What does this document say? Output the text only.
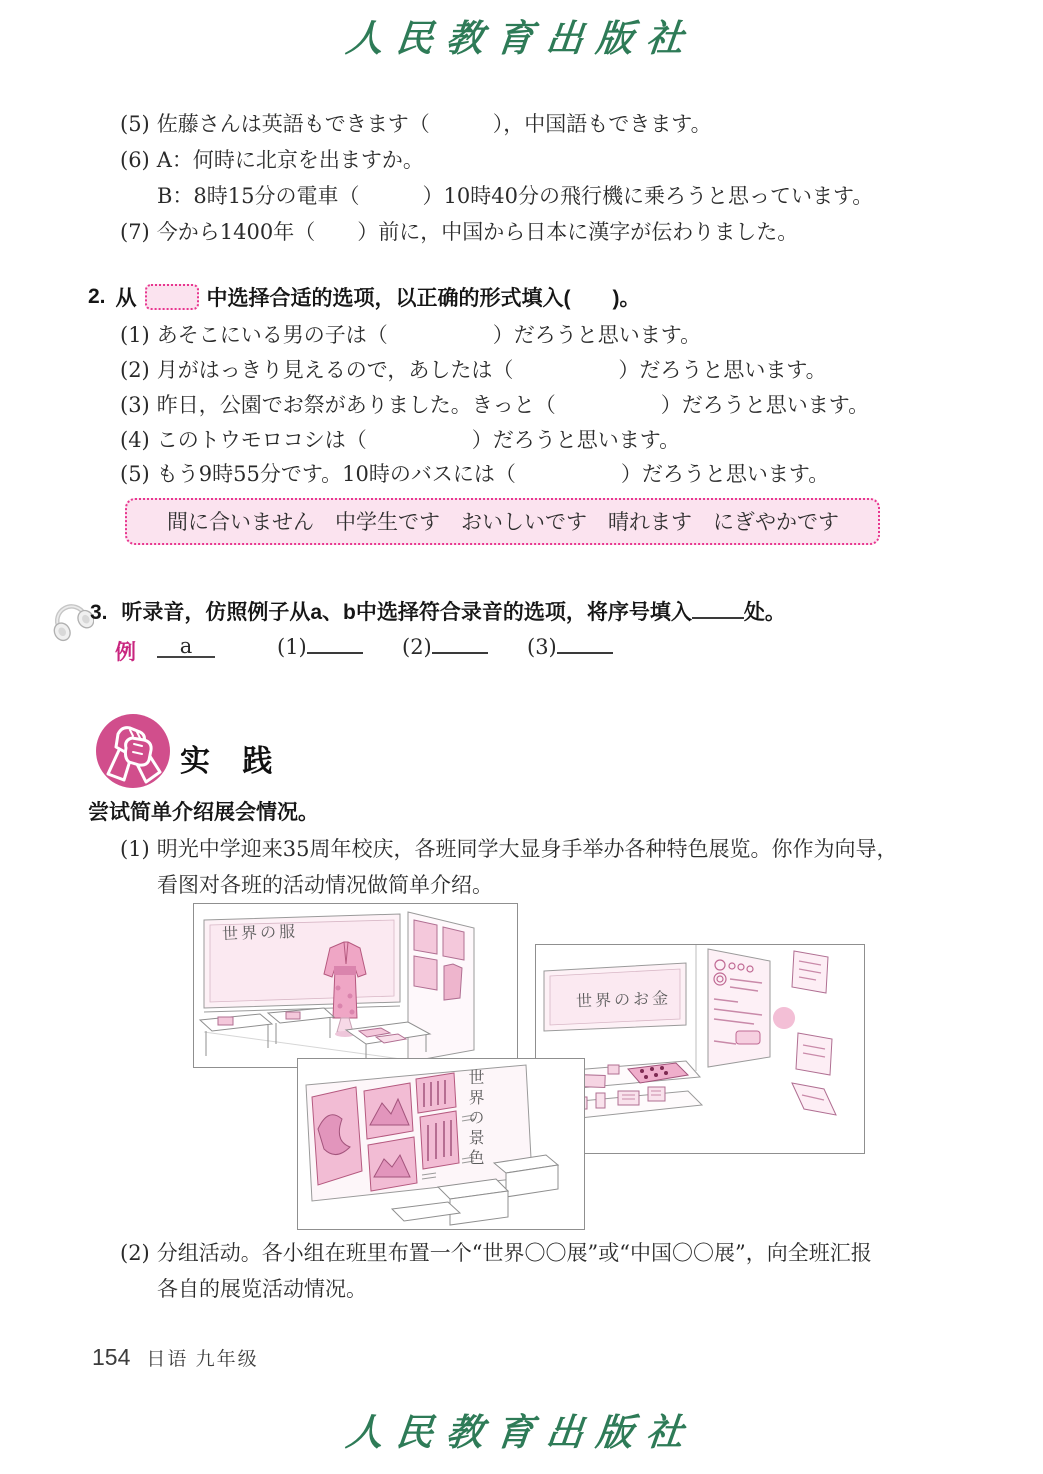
人民教育出版社
(5) 佐藤さんは英語もできます（　　　），中国語もできます。
(6) A：何時に北京を出ますか。
B：8時15分の電車（　　　）10時40分の飛行機に乗ろうと思っています。
(7) 今から1400年（　　）前に，中国から日本に漢字が伝わりました。
2. 从	中选择合适的选项，以正确的形式填入(　　)。
(1) あそこにいる男の子は（　　　　　）だろうと思います。
(2) 月がはっきり見えるので，あしたは（　　　　　）だろうと思います。
(3) 昨日，公園でお祭がありました。きっと（　　　　　）だろうと思います。
(4) このトウモロコシは（　　　　　）だろうと思います。
(5) もう9時55分です。10時のバスには（　　　　　）だろうと思います。
間に合いません　中学生です　おいしいです　晴れます　にぎやかです
3. 听录音，仿照例子从a、b中选择符合录音的选项，将序号填入 处。
例	a	(1)	(2)	(3)
实 践
尝试简单介绍展会情况。
(1) 明光中学迎来35周年校庆，各班同学大显身手举办各种特色展览。你作为向导，
看图对各班的活动情况做简单介绍。
世界の服
世界のお金
世界の景色
(2) 分组活动。各小组在班里布置一个“世界〇〇展”或“中国〇〇展”，向全班汇报
各自的展览活动情况。
154 日语 九年级
人民教育出版社
